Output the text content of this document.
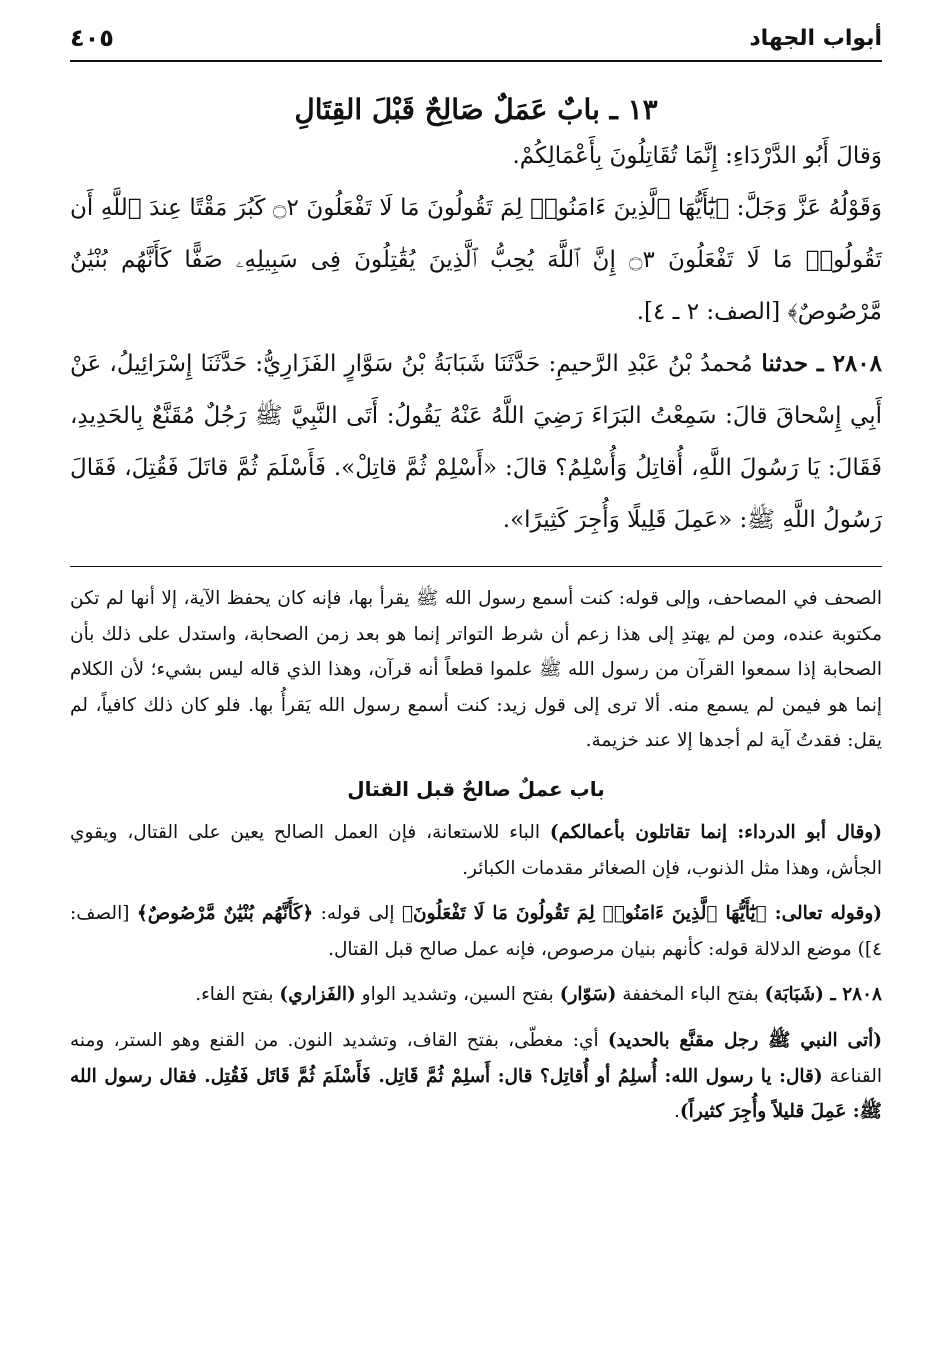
أبواب الجهاد
٤٠٥
١٣ ـ بابٌ عَمَلٌ صَالِحٌ قَبْلَ القِتَالِ

وَقالَ أَبُو الدَّرْدَاءِ: إِنَّمَا تُقَاتِلُونَ بِأَعْمَالِكُمْ.

وَقَوْلُهُ عَزَّ وَجَلَّ: ﴿يَٰٓأَيُّهَا ٱلَّذِينَ ءَامَنُوا۟ لِمَ تَقُولُونَ مَا لَا تَفْعَلُونَ ۝٢ كَبُرَ مَقْتًا عِندَ ٱللَّهِ أَن تَقُولُوا۟ مَا لَا تَفْعَلُونَ ۝٣ إِنَّ ٱللَّهَ يُحِبُّ ٱلَّذِينَ يُقَٰتِلُونَ فِى سَبِيلِهِۦ صَفًّا كَأَنَّهُم بُنْيَٰنٌ مَّرْصُوصٌ﴾ [الصف: ٢ ـ ٤].

٢٨٠٨ ـ حدثنا مُحمدُ بْنُ عَبْدِ الرَّحيمِ: حَدَّثَنَا شَبَابَةُ بْنُ سَوَّارٍ الفَزَارِيُّ: حَدَّثَنَا إِسْرَائِيلُ، عَنْ أَبِي إِسْحاقَ قالَ: سَمِعْتُ البَرَاءَ رَضِيَ اللَّهُ عَنْهُ يَقُولُ: أَتَى النَّبِيَّ ﷺ رَجُلٌ مُقَنَّعٌ بِالحَدِيدِ، فَقَالَ: يَا رَسُولَ اللَّهِ، أُقاتِلُ وَأُسْلِمُ؟ قالَ: «أَسْلِمْ ثُمَّ قاتِلْ». فَأَسْلَمَ ثُمَّ قاتَلَ فَقُتِلَ، فَقَالَ رَسُولُ اللَّهِ ﷺ: «عَمِلَ قَلِيلًا وَأُجِرَ كَثِيرًا».

الصحف في المصاحف، وإلى قوله: كنت أسمع رسول الله ﷺ يقرأ بها، فإنه كان يحفظ الآية، إلا أنها لم تكن مكتوبة عنده، ومن لم يهتدِ إلى هذا زعم أن شرط التواتر إنما هو بعد زمن الصحابة، واستدل على ذلك بأن الصحابة إذا سمعوا القرآن من رسول الله ﷺ علموا قطعاً أنه قرآن، وهذا الذي قاله ليس بشيء؛ لأن الكلام إنما هو فيمن لم يسمع منه. ألا ترى إلى قول زيد: كنت أسمع رسول الله يَقرأُ بها. فلو كان ذلك كافياً، لم يقل: فقدتُ آية لم أجدها إلا عند خزيمة.

باب عملٌ صالحٌ قبل القتال

(وقال أبو الدرداء: إنما تقاتلون بأعمالكم) الباء للاستعانة، فإن العمل الصالح يعين على القتال، ويقوي الجأش، وهذا مثل الذنوب، فإن الصغائر مقدمات الكبائر.

(وقوله تعالى: ﴿يَٰٓأَيُّهَا ٱلَّذِينَ ءَامَنُوا۟ لِمَ تَقُولُونَ مَا لَا تَفْعَلُونَ﴾ إلى قوله: ﴿كَأَنَّهُم بُنْيَٰنٌ مَّرْصُوصٌ﴾ [الصف: ٤]) موضع الدلالة قوله: كأنهم بنيان مرصوص، فإنه عمل صالح قبل القتال.

٢٨٠٨ ـ (شَبَابَة) بفتح الباء المخففة (سَوّار) بفتح السين، وتشديد الواو (الفَزاري) بفتح الفاء.

(أتى النبي ﷺ رجل مقنَّع بالحديد) أي: مغطّى، بفتح القاف، وتشديد النون. من القنع وهو الستر، ومنه القناعة (قال: يا رسول الله: أُسلِمُ أو أُقاتِل؟ قال: أَسلِمْ ثُمَّ قَاتِل. فَأَسْلَمَ ثُمَّ قَاتَل فَقُتِل. فقال رسول الله ﷺ: عَمِلَ قليلاً وأُجِرَ كثيراً).
